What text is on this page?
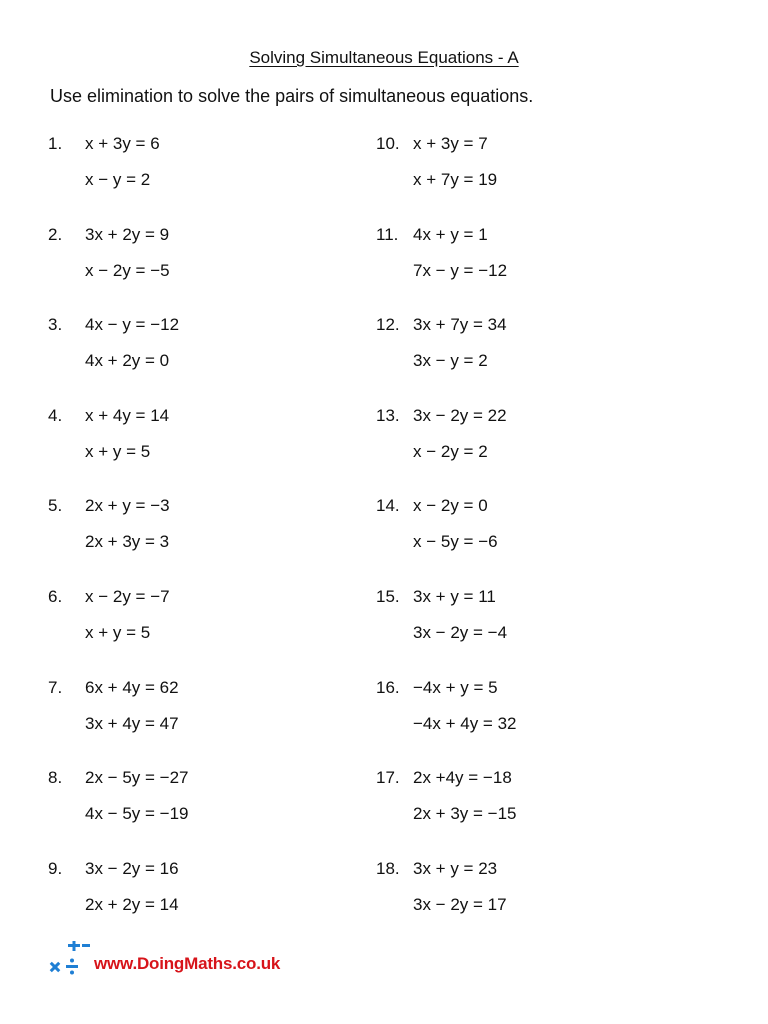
Solving Simultaneous Equations - A
Use elimination to solve the pairs of simultaneous equations.
1. x + 3y = 6
x − y = 2
2. 3x + 2y = 9
x − 2y = −5
3. 4x − y = −12
4x + 2y = 0
4. x + 4y = 14
x + y = 5
5. 2x + y = −3
2x + 3y = 3
6. x − 2y = −7
x + y = 5
7. 6x + 4y = 62
3x + 4y = 47
8. 2x − 5y = −27
4x − 5y = −19
9. 3x − 2y = 16
2x + 2y = 14
10. x + 3y = 7
x + 7y = 19
11. 4x + y = 1
7x − y = −12
12. 3x + 7y = 34
3x − y = 2
13. 3x − 2y = 22
x − 2y = 2
14. x − 2y = 0
x − 5y = −6
15. 3x + y = 11
3x − 2y = −4
16. −4x + y = 5
−4x + 4y = 32
17. 2x +4y = −18
2x + 3y = −15
18. 3x + y = 23
3x − 2y = 17
www.DoingMaths.co.uk
